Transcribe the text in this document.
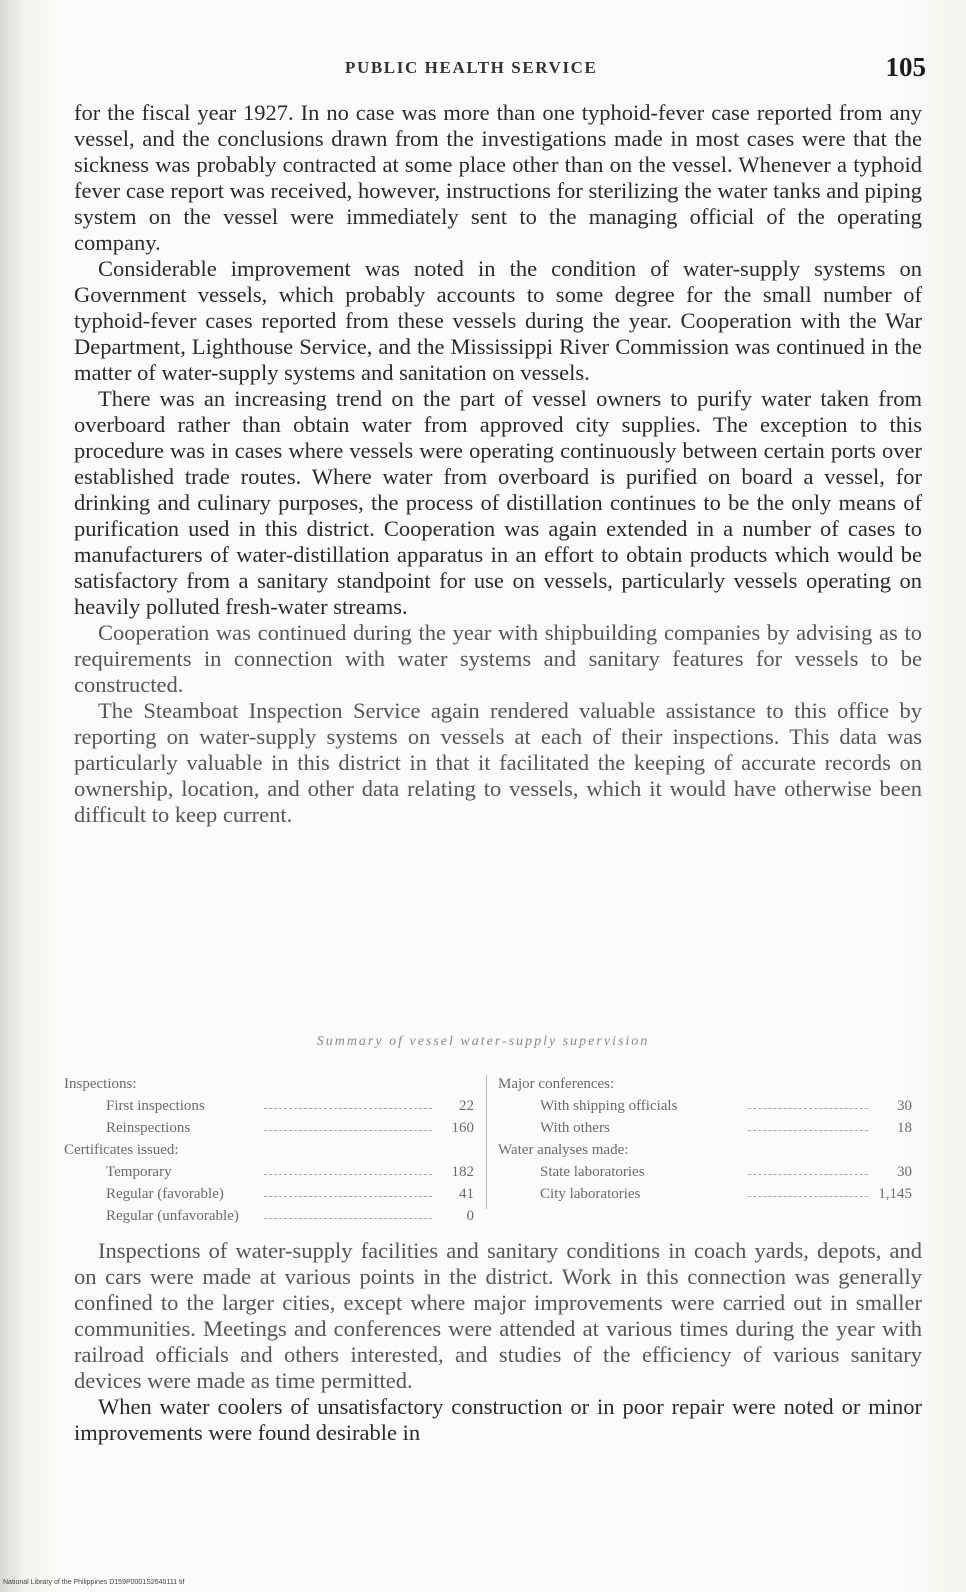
PUBLIC HEALTH SERVICE	105

for the fiscal year 1927. In no case was more than one typhoid-fever case reported from any vessel, and the conclusions drawn from the investigations made in most cases were that the sickness was probably contracted at some place other than on the vessel. Whenever a typhoid fever case report was received, however, instructions for sterilizing the water tanks and piping system on the vessel were immediately sent to the managing official of the operating company.

Considerable improvement was noted in the condition of water-supply systems on Government vessels, which probably accounts to some degree for the small number of typhoid-fever cases reported from these vessels during the year. Cooperation with the War Department, Lighthouse Service, and the Mississippi River Commission was continued in the matter of water-supply systems and sanitation on vessels.

There was an increasing trend on the part of vessel owners to purify water taken from overboard rather than obtain water from approved city supplies. The exception to this procedure was in cases where vessels were operating continuously between certain ports over established trade routes. Where water from overboard is purified on board a vessel, for drinking and culinary purposes, the process of distillation continues to be the only means of purification used in this district. Cooperation was again extended in a number of cases to manufacturers of water-distillation apparatus in an effort to obtain products which would be satisfactory from a sanitary standpoint for use on vessels, particularly vessels operating on heavily polluted fresh-water streams.

Cooperation was continued during the year with shipbuilding companies by advising as to requirements in connection with water systems and sanitary features for vessels to be constructed.

The Steamboat Inspection Service again rendered valuable assistance to this office by reporting on water-supply systems on vessels at each of their inspections. This data was particularly valuable in this district in that it facilitated the keeping of accurate records on ownership, location, and other data relating to vessels, which it would have otherwise been difficult to keep current.

Summary of vessel water-supply supervision
Inspections:
First inspections	22
Reinspections	160
Certificates issued:
Temporary	182
Regular (favorable)	41
Regular (unfavorable)	0
Major conferences:
With shipping officials	30
With others	18
Water analyses made:
State laboratories	30
City laboratories	1,145

Inspections of water-supply facilities and sanitary conditions in coach yards, depots, and on cars were made at various points in the district. Work in this connection was generally confined to the larger cities, except where major improvements were carried out in smaller communities. Meetings and conferences were attended at various times during the year with railroad officials and others interested, and studies of the efficiency of various sanitary devices were made as time permitted.

When water coolers of unsatisfactory construction or in poor repair were noted or minor improvements were found desirable in

National Library of the Philippines D159P0001S2640111 tif
